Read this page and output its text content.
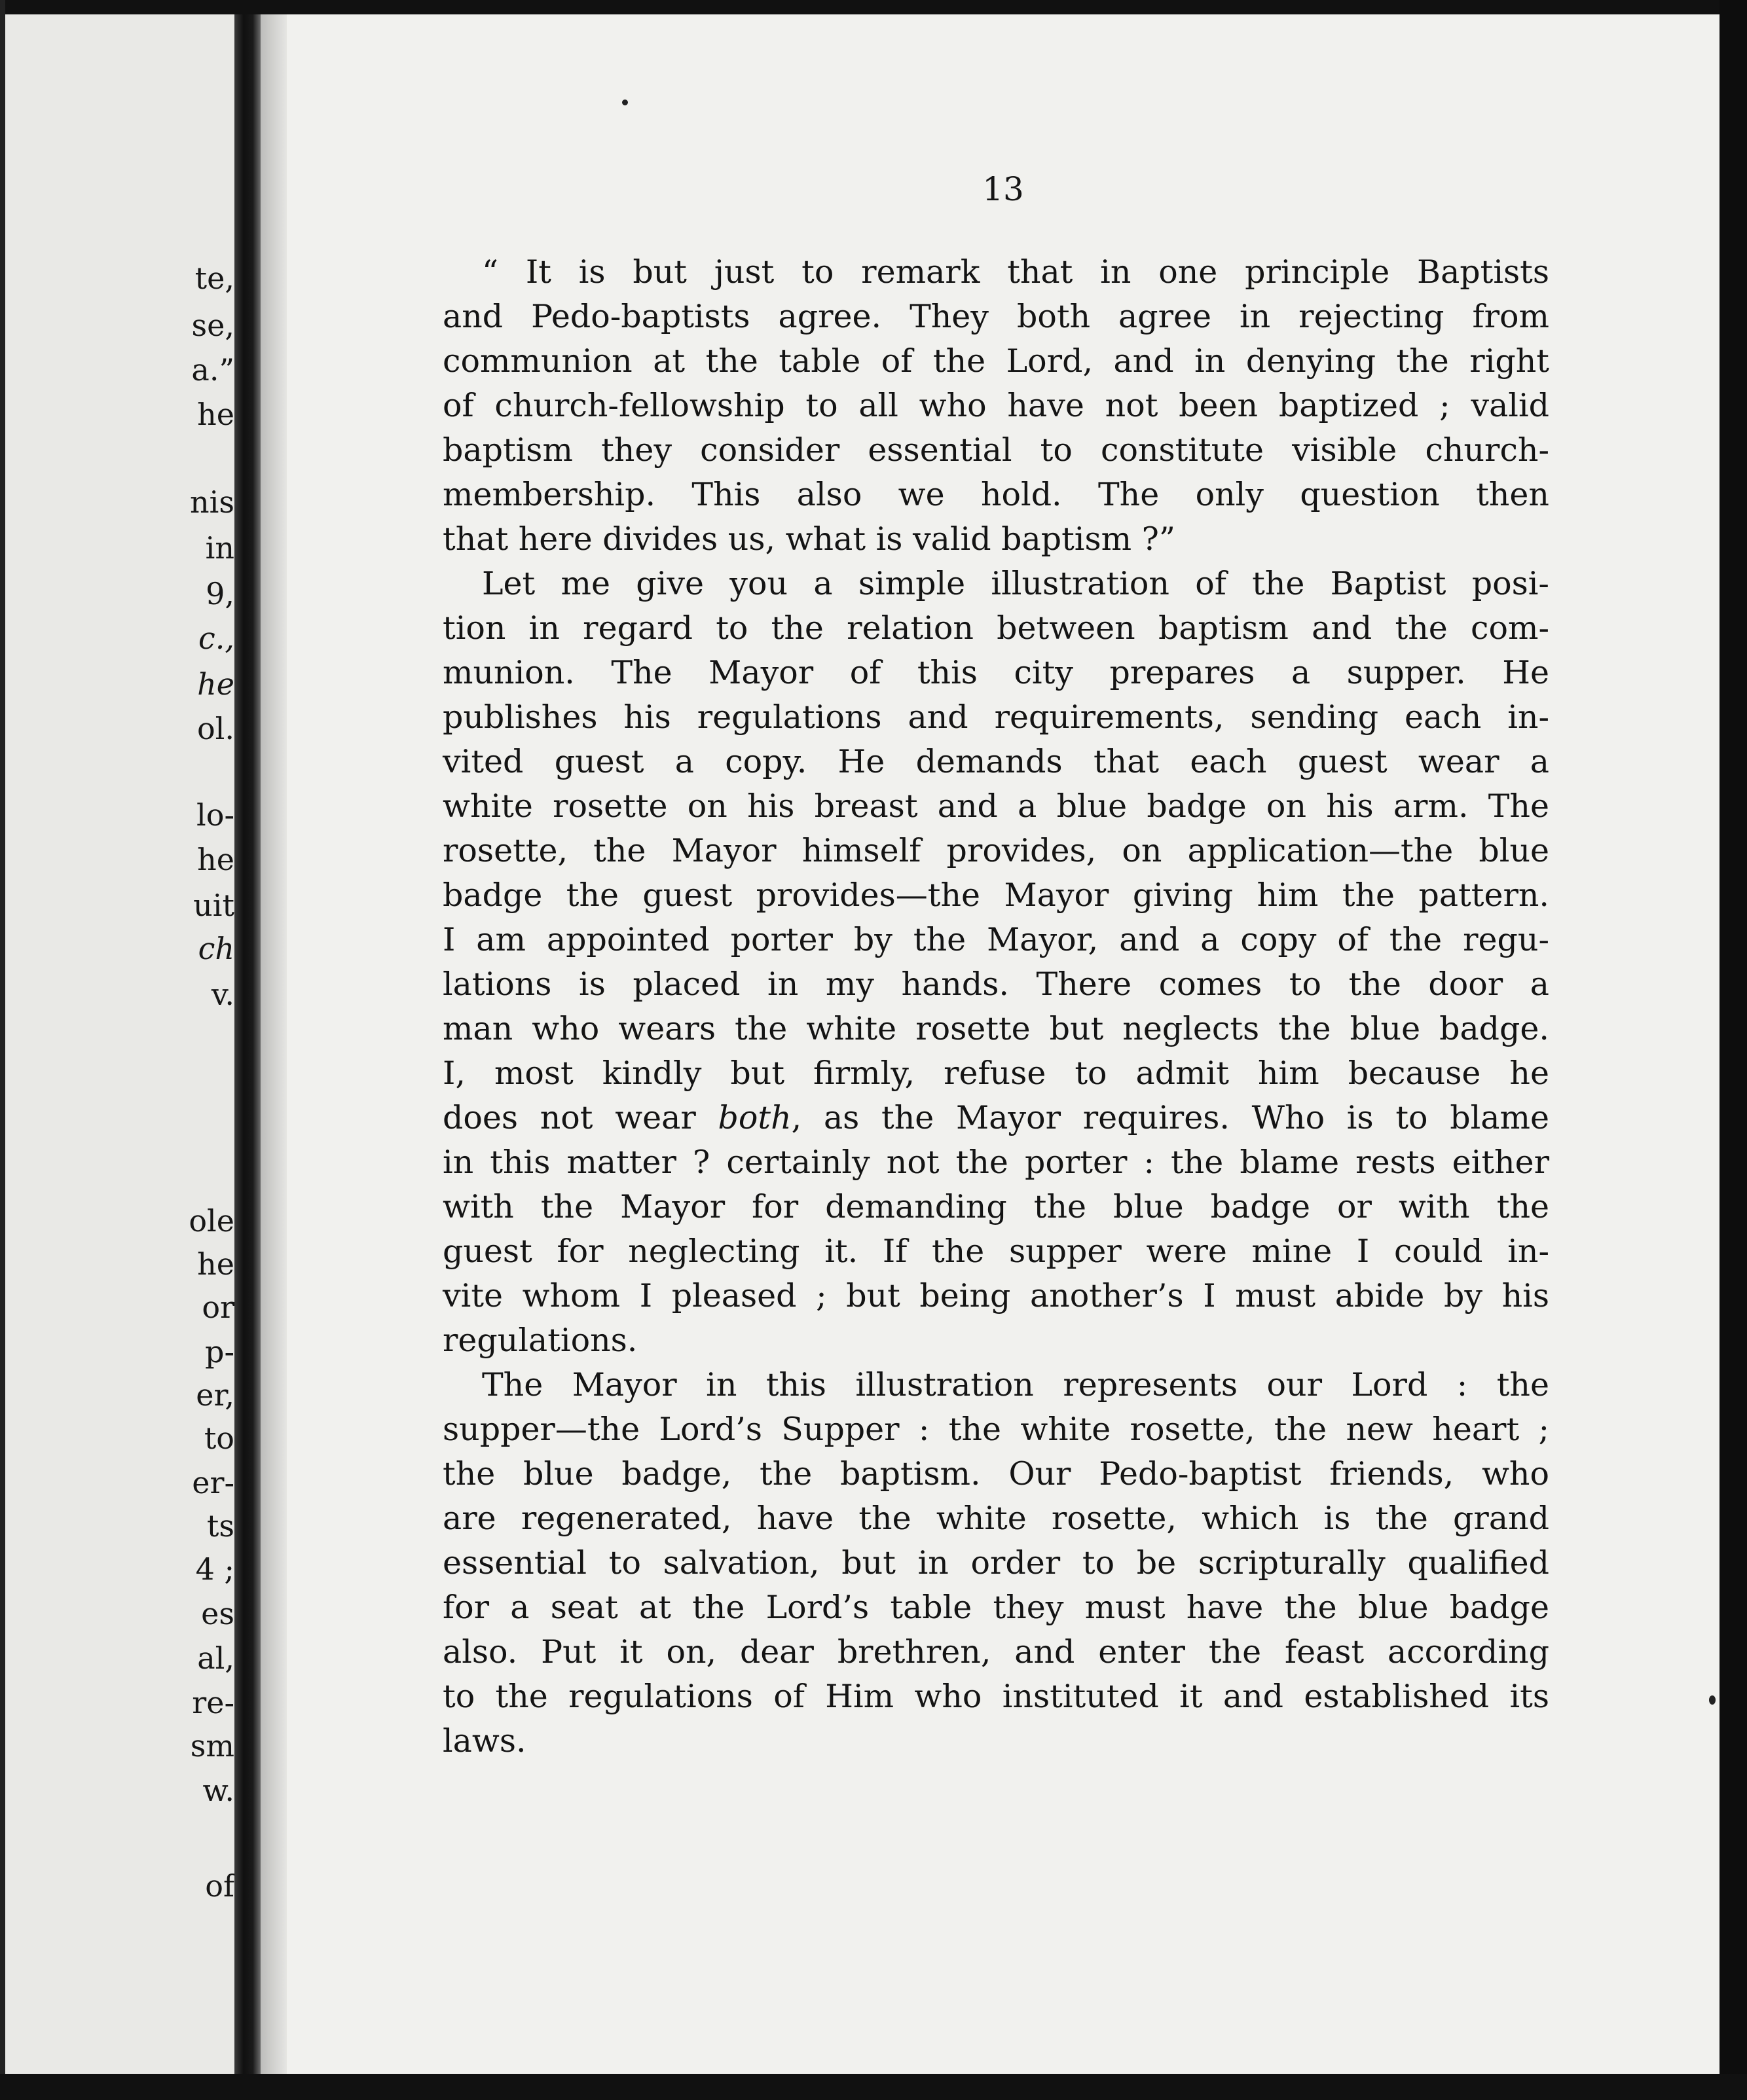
te,
se,
a.”
he
nis
in
9,
c.,
he
ol.
lo-
he
uit
ch
v.
ole
he
or
p-
er,
to
er-
ts
4 ;
es
al,
re-
sm
w.
of
13
“ It is but just to remark that in one principle Baptists
and Pedo-baptists agree. They both agree in rejecting from
communion at the table of the Lord, and in denying the right
of church-fellowship to all who have not been baptized ; valid
baptism they consider essential to constitute visible church-
membership. This also we hold. The only question then
that here divides us, what is valid baptism ?”
Let me give you a simple illustration of the Baptist posi-
tion in regard to the relation between baptism and the com-
munion. The Mayor of this city prepares a supper. He
publishes his regulations and requirements, sending each in-
vited guest a copy. He demands that each guest wear a
white rosette on his breast and a blue badge on his arm. The
rosette, the Mayor himself provides, on application—the blue
badge the guest provides—the Mayor giving him the pattern.
I am appointed porter by the Mayor, and a copy of the regu-
lations is placed in my hands. There comes to the door a
man who wears the white rosette but neglects the blue badge.
I, most kindly but firmly, refuse to admit him because he
does not wear both, as the Mayor requires. Who is to blame
in this matter ? certainly not the porter : the blame rests either
with the Mayor for demanding the blue badge or with the
guest for neglecting it. If the supper were mine I could in-
vite whom I pleased ; but being another’s I must abide by his
regulations.
The Mayor in this illustration represents our Lord : the
supper—the Lord’s Supper : the white rosette, the new heart ;
the blue badge, the baptism. Our Pedo-baptist friends, who
are regenerated, have the white rosette, which is the grand
essential to salvation, but in order to be scripturally qualified
for a seat at the Lord’s table they must have the blue badge
also. Put it on, dear brethren, and enter the feast according
to the regulations of Him who instituted it and established its
laws.
